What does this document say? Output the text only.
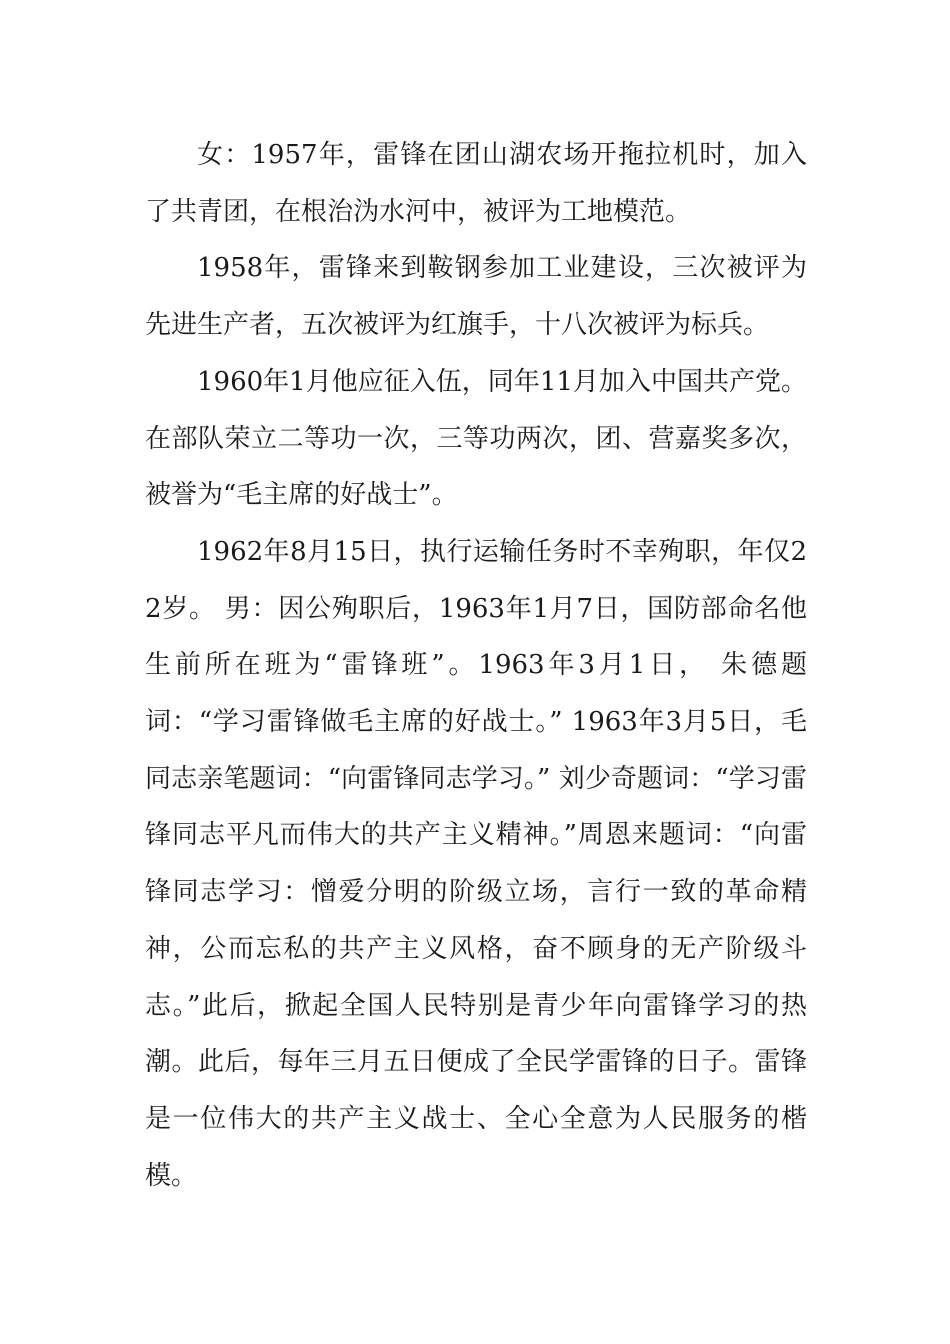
女：1957年，雷锋在团山湖农场开拖拉机时，加入了共青团，在根治沩水河中，被评为工地模范。

1958年，雷锋来到鞍钢参加工业建设，三次被评为先进生产者，五次被评为红旗手，十八次被评为标兵。

1960年1月他应征入伍，同年11月加入中国共产党。在部队荣立二等功一次，三等功两次，团、营嘉奖多次，被誉为“毛主席的好战士”。

1962年8月15日，执行运输任务时不幸殉职，年仅22岁。 男：因公殉职后，1963年1月7日，国防部命名他生前所在班为“雷锋班”。1963年3月1日， 朱德题词：“学习雷锋做毛主席的好战士。” 1963年3月5日，毛同志亲笔题词：“向雷锋同志学习。” 刘少奇题词：“学习雷锋同志平凡而伟大的共产主义精神。”周恩来题词：“向雷锋同志学习：憎爱分明的阶级立场，言行一致的革命精神，公而忘私的共产主义风格，奋不顾身的无产阶级斗志。”此后，掀起全国人民特别是青少年向雷锋学习的热潮。此后，每年三月五日便成了全民学雷锋的日子。雷锋是一位伟大的共产主义战士、全心全意为人民服务的楷模。
